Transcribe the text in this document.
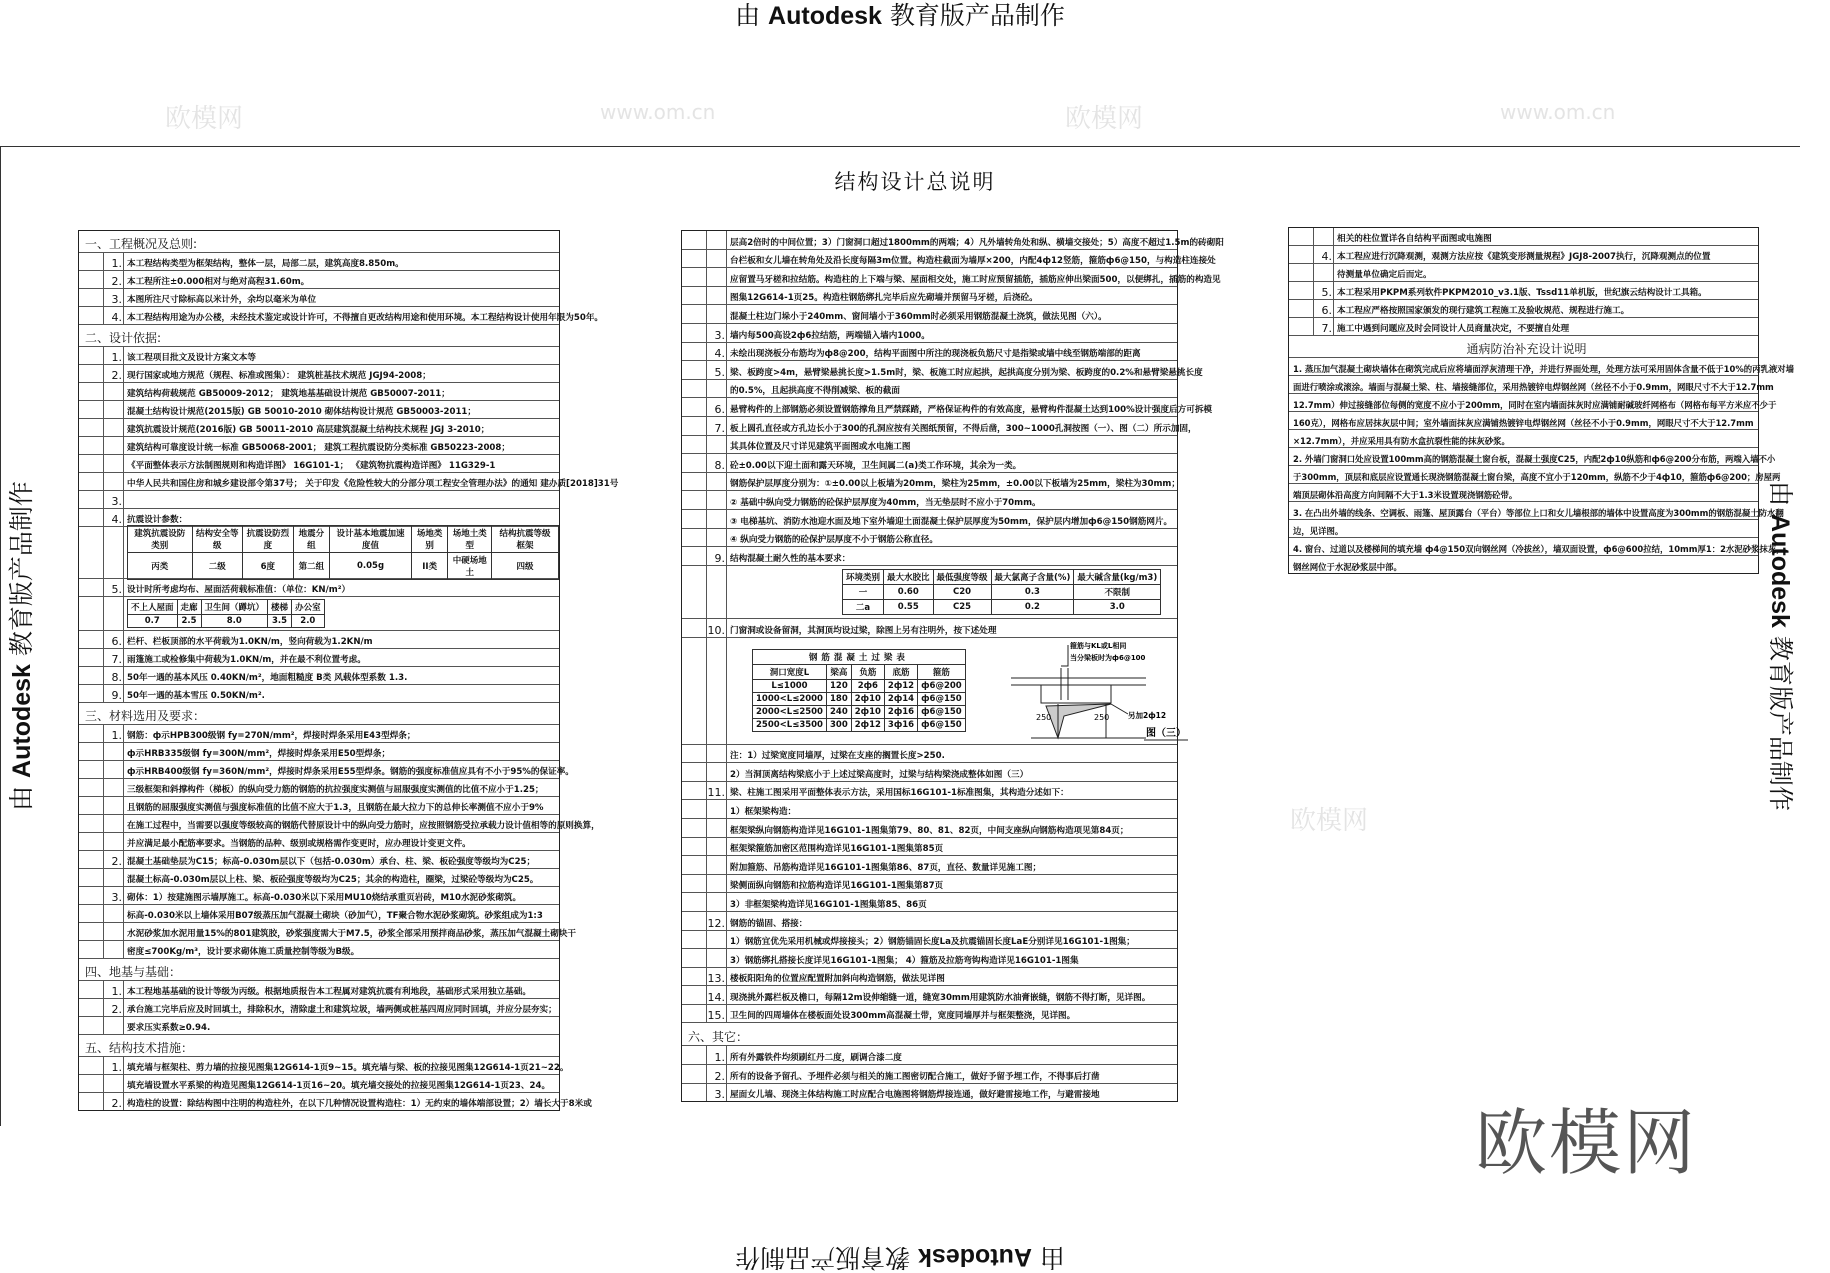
由 Autodesk 教育版产品制作
由 Autodesk 教育版产品制作	由 Autodesk 教育版产品制作
由 Autodesk 教育版产品制作
结构设计总说明
欧模网	www.om.cn	欧模网	www.om.cn
欧模网
一、工程概况及总则:
1. 本工程结构类型为框架结构，整体一层，局部二层，建筑高度8.850m。
2. 本工程所注±0.000相对与绝对高程31.60m。
3. 本图所注尺寸除标高以米计外，余均以毫米为单位
4. 本工程结构用途为办公楼，未经技术鉴定或设计许可，不得擅自更改结构用途和使用环境。本工程结构设计使用年限为50年。
二、设计依据:
1. 该工程项目批文及设计方案文本等
2. 现行国家或地方规范（规程、标准或图集）： 建筑桩基技术规范 JGJ94-2008；
建筑结构荷载规范 GB50009-2012； 建筑地基基础设计规范 GB50007-2011；
混凝土结构设计规范(2015版) GB 50010-2010 砌体结构设计规范 GB50003-2011；
建筑抗震设计规范(2016版) GB 50011-2010 高层建筑混凝土结构技术规程 JGJ 3-2010；
建筑结构可靠度设计统一标准 GB50068-2001； 建筑工程抗震设防分类标准 GB50223-2008；
《平面整体表示方法制图规则和构造详图》 16G101-1； 《建筑物抗震构造详图》 11G329-1
中华人民共和国住房和城乡建设部令第37号； 关于印发《危险性较大的分部分项工程安全管理办法》的通知 建办质[2018]31号
3.
4. 抗震设计参数：
建筑抗震设防类别	结构安全等级	抗震设防烈度	地震分组	设计基本地震加速度值	场地类别	场地土类型	结构抗震等级 框架
丙类	二级	6度	第二组	0.05g	II类	中硬场地土	四级
5. 设计时所考虑均布、屋面活荷载标准值：（单位：KN/m²）
不上人屋面	走廊	卫生间（蹲坑）	楼梯	办公室
0.7	2.5	8.0	3.5	2.0
6. 栏杆、栏板顶部的水平荷载为1.0KN/m，竖向荷载为1.2KN/m
7. 雨篷施工或检修集中荷载为1.0KN/m，并在最不利位置考虑。
8. 50年一遇的基本风压 0.40KN/m²，地面粗糙度 B类 风载体型系数 1.3.
9. 50年一遇的基本雪压 0.50KN/m².
三、材料选用及要求：
1. 钢筋：ф示HPB300级钢 fy=270N/mm²，焊接时焊条采用E43型焊条；
ф示HRB335级钢 fy=300N/mm²，焊接时焊条采用E50型焊条；
ф示HRB400级钢 fy=360N/mm²，焊接时焊条采用E55型焊条。钢筋的强度标准值应具有不小于95%的保证率。
三级框架和斜撑构件（梯板）的纵向受力筋的钢筋的抗拉强度实测值与屈服强度实测值的比值不应小于1.25；
且钢筋的屈服强度实测值与强度标准值的比值不应大于1.3，且钢筋在最大拉力下的总伸长率测值不应小于9%
在施工过程中，当需要以强度等级较高的钢筋代替原设计中的纵向受力筋时，应按照钢筋受拉承载力设计值相等的原则换算，
并应满足最小配筋率要求。当钢筋的品种、级别或规格需作变更时，应办理设计变更文件。
2. 混凝土基础垫层为C15；标高-0.030m层以下（包括-0.030m）承台、柱、梁、板砼强度等级均为C25；
混凝土标高-0.030m层以上柱、梁、板砼强度等级均为C25；其余的构造柱，圈梁，过梁砼等级均为C25。
3. 砌体：1）按建施图示墙厚施工。标高-0.030米以下采用MU10烧结承重页岩砖，M10水泥砂浆砌筑。
标高-0.030米以上墙体采用B07级蒸压加气混凝土砌块（砂加气），TF聚合物水泥砂浆砌筑。砂浆组成为1:3
水泥砂浆加水泥用量15%的801建筑胶，砂浆强度需大于M7.5，砂浆全部采用预拌商品砂浆，蒸压加气混凝土砌块干
密度≤700Kg/m³，设计要求砌体施工质量控制等级为B级。
四、地基与基础：
1. 本工程地基基础的设计等级为丙级。根据地质报告本工程属对建筑抗震有利地段，基础形式采用独立基础。
2. 承台施工完毕后应及时回填土，排除积水，清除虚土和建筑垃圾，墙两侧或桩基四周应同时回填，并应分层夯实；
要求压实系数≥0.94.
五、结构技术措施：
1. 填充墙与框架柱、剪力墙的拉接见图集12G614-1页9~15。填充墙与梁、板的拉接见图集12G614-1页21~22。
填充墙设置水平系梁的构造见图集12G614-1页16~20。填充墙交接处的拉接见图集12G614-1页23、24。
2. 构造柱的设置：除结构图中注明的构造柱外，在以下几种情况设置构造柱：1）无约束的墙体端部设置；2）墙长大于8米或
层高2倍时的中间位置；3）门窗洞口超过1800mm的两端；4）凡外墙转角处和纵、横墙交接处；5）高度不超过1.5m的砖砌阳
台栏板和女儿墙在转角处及沿长度每隔3m位置。构造柱截面为墙厚×200，内配4ф12竖筋，箍筋ф6@150，与构造柱连接处
应留置马牙槎和拉结筋。构造柱的上下端与梁、屋面相交处，施工时应预留插筋，插筋应伸出梁面500，以便绑扎，插筋的构造见
图集12G614-1页25。构造柱钢筋绑扎完毕后应先砌墙并预留马牙槎，后浇砼。
混凝土柱边门垛小于240mm、窗间墙小于360mm时必须采用钢筋混凝土浇筑，做法见图（六）。
3. 墙内每500高设2ф6拉结筋，两端锚入墙内1000。
4. 未绘出现浇板分布筋均为ф8@200，结构平面图中所注的现浇板负筋尺寸是指梁或墙中线至钢筋端部的距离
5. 梁、板跨度>4m，悬臂梁悬挑长度>1.5m时，梁、板施工时应起拱，起拱高度分别为梁、板跨度的0.2%和悬臂梁悬挑长度
的0.5%，且起拱高度不得削减梁、板的截面
6. 悬臂构件的上部钢筋必须设置钢筋撑角且严禁踩踏，严格保证构件的有效高度，悬臂构件混凝土达到100%设计强度后方可拆模
7. 板上圆孔直径或方孔边长小于300的孔洞应按有关图纸预留，不得后凿，300~1000孔洞按图（一）、图（二）所示加固，
其具体位置及尺寸详见建筑平面图或水电施工图
8. 砼±0.00以下迎土面和露天环境，卫生间属二(a)类工作环境，其余为一类。
钢筋保护层厚度分别为：①±0.00以上板墙为20mm，梁柱为25mm，±0.00以下板墙为25mm，梁柱为30mm；
② 基础中纵向受力钢筋的砼保护层厚度为40mm，当无垫层时不应小于70mm。
③ 电梯基坑、消防水池迎水面及地下室外墙迎土面混凝土保护层厚度为50mm，保护层内增加ф6@150钢筋网片。
④ 纵向受力钢筋的砼保护层厚度不小于钢筋公称直径。
9. 结构混凝土耐久性的基本要求：
环境类别	最大水胶比	最低强度等级	最大氯离子含量(%)	最大碱含量(kg/m3)
一	0.60	C20	0.3	不限制
二a	0.55	C25	0.2	3.0
10. 门窗洞或设备留洞，其洞顶均设过梁，除图上另有注明外，按下述处理
钢筋混凝土过梁表				
洞口宽度L	梁高	负筋	底筋	箍筋
L≤1000	120	2ф6	2ф12	ф6@200
1000<L≤2000	180	2ф10	2ф14	ф6@150
2000<L≤2500	240	2ф10	2ф16	ф6@150
2500<L≤3500	300	2ф12	3ф16	ф6@150
箍筋与KL或L相同
当分梁板时为ф6@100
250	250 另加2ф12
图（三）
注：1）过梁宽度同墙厚，过梁在支座的搁置长度>250.
2）当洞顶离结构梁底小于上述过梁高度时，过梁与结构梁浇成整体如图（三）
11. 梁、柱施工图采用平面整体表示方法，采用国标16G101-1标准图集，其构造分述如下：
1）框架梁构造：
框架梁纵向钢筋构造详见16G101-1图集第79、80、81、82页，中间支座纵向钢筋构造项见第84页；
框架梁箍筋加密区范围构造详见16G101-1图集第85页
附加箍筋、吊筋构造详见16G101-1图集第86、87页，直径、数量详见施工图；
梁侧面纵向钢筋和拉筋构造详见16G101-1图集第87页
3）非框架梁构造详见16G101-1图集第85、86页
12. 钢筋的锚固、搭接：
1）钢筋宜优先采用机械或焊接接头；2）钢筋锚固长度La及抗震锚固长度LaE分别详见16G101-1图集；
3）钢筋绑扎搭接长度详见16G101-1图集； 4）箍筋及拉筋弯钩构造详见16G101-1图集
13. 楼板阳阳角的位置应配置附加斜向构造钢筋，做法见详图
14. 现浇挑外露栏板及檐口，每隔12m设伸缩缝一道，缝宽30mm用建筑防水油膏嵌缝，钢筋不得打断，见详图。
15. 卫生间的四周墙体在楼板面处设300mm高混凝土带，宽度同墙厚并与框架整浇，见详图。
六、其它：
1. 所有外露铁件均须刷红丹二度，刷调合漆二度
2. 所有的设备予留孔、予埋件必须与相关的施工图密切配合施工，做好予留予埋工作，不得事后打凿
3. 屋面女儿墙、现浇主体结构施工时应配合电施图将钢筋焊接连通，做好避雷接地工作，与避雷接地
相关的柱位置详各自结构平面图或电施图
4. 本工程应进行沉降观测，观测方法应按《建筑变形测量规程》JGJ8-2007执行，沉降观测点的位置
待测量单位确定后而定。
5. 本工程采用PKPM系列软件PKPM2010_v3.1版、Tssd11单机版，世纪旗云结构设计工具箱。
6. 本工程应严格按照国家颁发的现行建筑工程施工及验收规范、规程进行施工。
7. 施工中遇到问题应及时会同设计人员商量决定，不要擅自处理
通病防治补充设计说明
1. 蒸压加气混凝土砌块墙体在砌筑完成后应将墙面浮灰清理干净，并进行界面处理，处理方法可采用固体含量不低于10%的丙乳液对墙
面进行喷涂或滚涂。墙面与混凝土梁、柱、墙接缝部位，采用热镀锌电焊钢丝网（丝径不小于0.9mm，网眼尺寸不大于12.7mm
12.7mm）伸过接缝部位每侧的宽度不应小于200mm，同时在室内墙面抹灰时应满铺耐碱玻纤网格布（网格布每平方米应不少于
160克），网格布应居抹灰层中间；室外墙面抹灰应满铺热镀锌电焊钢丝网（丝径不小于0.9mm，网眼尺寸不大于12.7mm
×12.7mm），并应采用具有防水盒抗裂性能的抹灰砂浆。
2. 外墙门窗洞口处应设置100mm高的钢筋混凝土窗台板，混凝土强度C25，内配2ф10纵筋和ф6@200分布筋，两端入墙不小
于300mm，顶层和底层应设置通长现浇钢筋混凝土窗台梁，高度不宜小于120mm，纵筋不少于4ф10，箍筋ф6@200；房屋两
端顶层砌体沿高度方向间隔不大于1.3米设置现浇钢筋砼带。
3. 在凸出外墙的线条、空调板、雨篷、屋顶露台（平台）等部位上口和女儿墙根部的墙体中设置高度为300mm的钢筋混凝土防水翻
边，见详图。
4. 窗台、过道以及楼梯间的填充墙 ф4@150双向钢丝网（冷拔丝），墙双面设置，ф6@600拉结，10mm厚1：2水泥砂浆抹灰，
钢丝网位于水泥砂浆层中部。
欧模网
